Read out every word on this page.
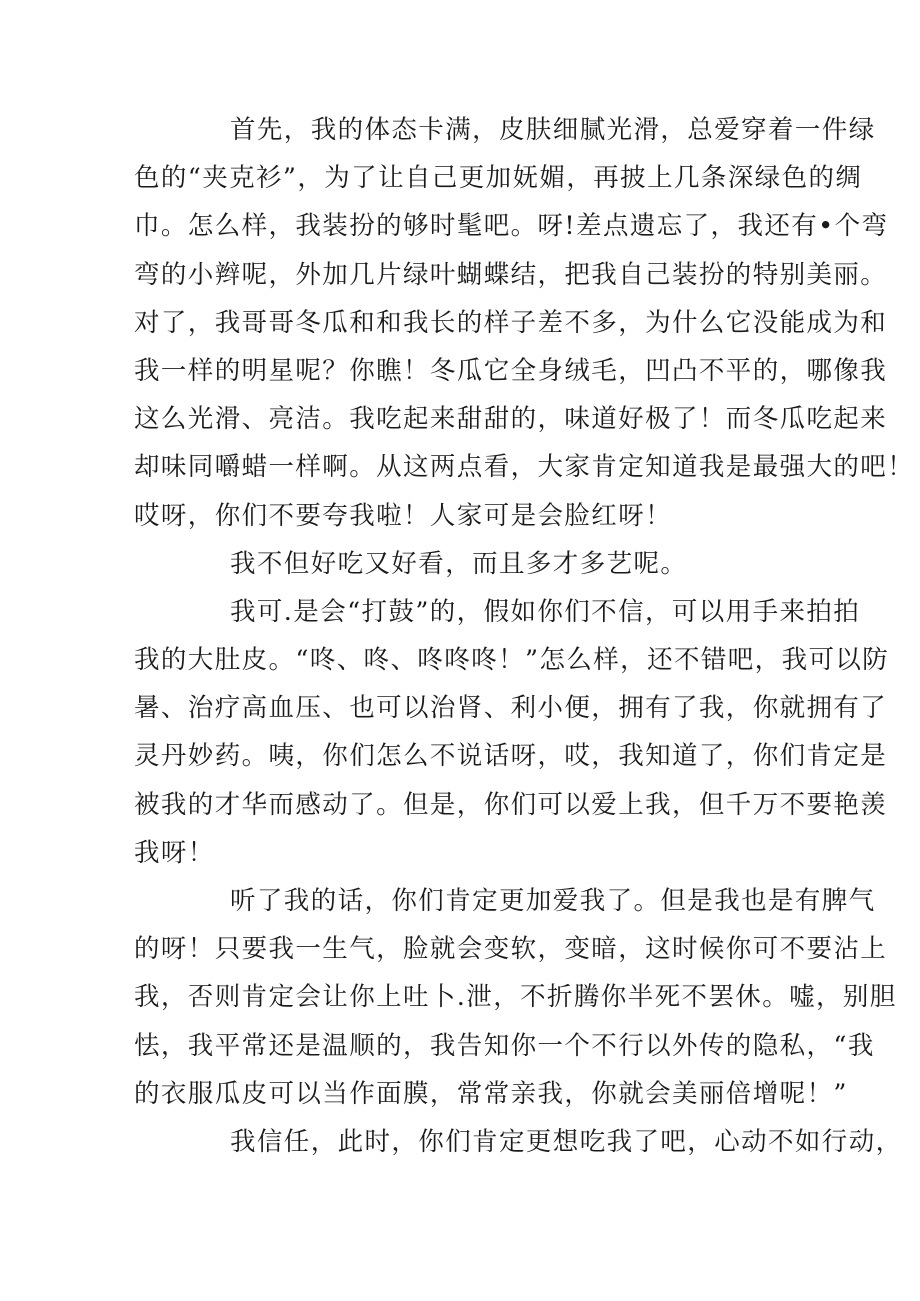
首先，我的体态卡满，皮肤细腻光滑，总爱穿着一件绿
色的“夹克衫”，为了让自己更加妩媚，再披上几条深绿色的绸
巾。怎么样，我装扮的够时髦吧。呀!差点遗忘了，我还有•个弯
弯的小辫呢，外加几片绿叶蝴蝶结，把我自己装扮的特别美丽。
对了，我哥哥冬瓜和和我长的样子差不多，为什么它没能成为和
我一样的明星呢？你瞧！冬瓜它全身绒毛，凹凸不平的，哪像我
这么光滑、亮洁。我吃起来甜甜的，味道好极了！而冬瓜吃起来
却味同嚼蜡一样啊。从这两点看，大家肯定知道我是最强大的吧！
哎呀，你们不要夸我啦！人家可是会脸红呀！
我不但好吃又好看，而且多才多艺呢。
我可.是会“打鼓”的，假如你们不信，可以用手来拍拍
我的大肚皮。“咚、咚、咚咚咚！”怎么样，还不错吧，我可以防
暑、治疗高血压、也可以治肾、利小便，拥有了我，你就拥有了
灵丹妙药。咦，你们怎么不说话呀，哎，我知道了，你们肯定是
被我的才华而感动了。但是，你们可以爱上我，但千万不要艳羡
我呀！
听了我的话，你们肯定更加爱我了。但是我也是有脾气
的呀！只要我一生气，脸就会变软，变暗，这时候你可不要沾上
我，否则肯定会让你上吐卜.泄，不折腾你半死不罢休。嘘，别胆
怯，我平常还是温顺的，我告知你一个不行以外传的隐私，“我
的衣服瓜皮可以当作面膜，常常亲我，你就会美丽倍增呢！”
我信任，此时，你们肯定更想吃我了吧，心动不如行动，
